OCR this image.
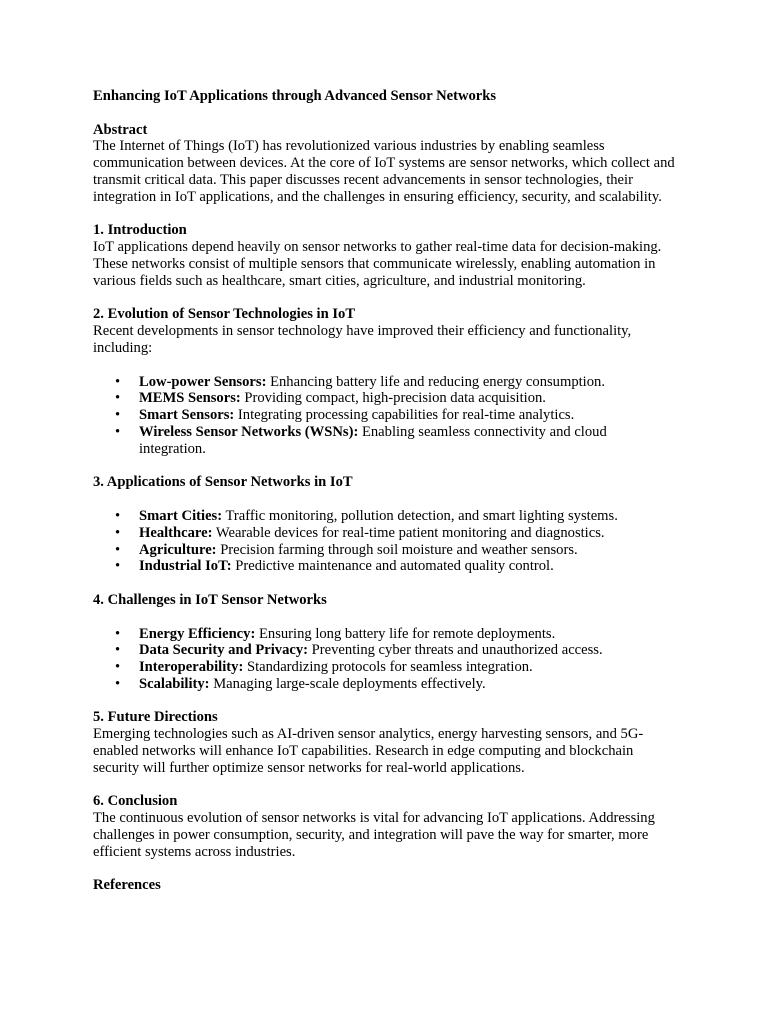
Enhancing IoT Applications through Advanced Sensor Networks

Abstract

The Internet of Things (IoT) has revolutionized various industries by enabling seamless communication between devices. At the core of IoT systems are sensor networks, which collect and transmit critical data. This paper discusses recent advancements in sensor technologies, their integration in IoT applications, and the challenges in ensuring efficiency, security, and scalability.

1. Introduction

IoT applications depend heavily on sensor networks to gather real-time data for decision-making. These networks consist of multiple sensors that communicate wirelessly, enabling automation in various fields such as healthcare, smart cities, agriculture, and industrial monitoring.

2. Evolution of Sensor Technologies in IoT

Recent developments in sensor technology have improved their efficiency and functionality, including:

• Low-power Sensors: Enhancing battery life and reducing energy consumption.
• MEMS Sensors: Providing compact, high-precision data acquisition.
• Smart Sensors: Integrating processing capabilities for real-time analytics.
• Wireless Sensor Networks (WSNs): Enabling seamless connectivity and cloud integration.

3. Applications of Sensor Networks in IoT

• Smart Cities: Traffic monitoring, pollution detection, and smart lighting systems.
• Healthcare: Wearable devices for real-time patient monitoring and diagnostics.
• Agriculture: Precision farming through soil moisture and weather sensors.
• Industrial IoT: Predictive maintenance and automated quality control.

4. Challenges in IoT Sensor Networks

• Energy Efficiency: Ensuring long battery life for remote deployments.
• Data Security and Privacy: Preventing cyber threats and unauthorized access.
• Interoperability: Standardizing protocols for seamless integration.
• Scalability: Managing large-scale deployments effectively.

5. Future Directions

Emerging technologies such as AI-driven sensor analytics, energy harvesting sensors, and 5G-enabled networks will enhance IoT capabilities. Research in edge computing and blockchain security will further optimize sensor networks for real-world applications.

6. Conclusion

The continuous evolution of sensor networks is vital for advancing IoT applications. Addressing challenges in power consumption, security, and integration will pave the way for smarter, more efficient systems across industries.

References
